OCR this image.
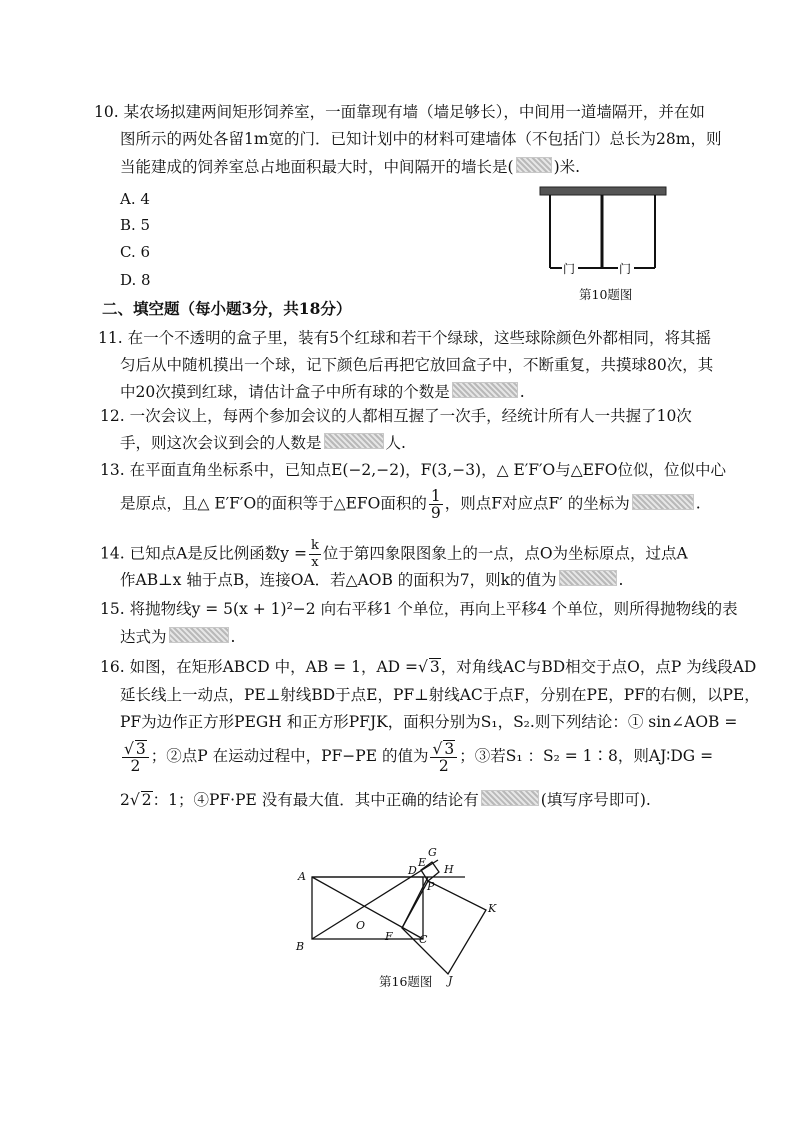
10. 某农场拟建两间矩形饲养室，一面靠现有墙（墙足够长），中间用一道墙隔开，并在如
图所示的两处各留1m宽的门．已知计划中的材料可建墙体（不包括门）总长为28m，则
当能建成的饲养室总占地面积最大时，中间隔开的墙长是(	)米.
A. 4
B. 5
C. 6
D. 8
门	门
第10题图
二、填空题（每小题3分，共18分）
11. 在一个不透明的盒子里，装有5个红球和若干个绿球，这些球除颜色外都相同，将其摇
匀后从中随机摸出一个球，记下颜色后再把它放回盒子中，不断重复，共摸球80次，其
中20次摸到红球，请估计盒子中所有球的个数是	.
12. 一次会议上，每两个参加会议的人都相互握了一次手，经统计所有人一共握了10次
手，则这次会议到会的人数是	人.
13. 在平面直角坐标系中，已知点E(−2,−2)，F(3,−3)，△ E′F′O与△EFO位似，位似中心
是原点，且△ E′F′O的面积等于△EFO面积的 $\frac{1}{9}$ ，则点F对应点F′ 的坐标为	.
14. 已知点A是反比例函数$y = \frac{k}{x}$ 位于第四象限图象上的一点，点O为坐标原点，过点A
作AB⊥x 轴于点B，连接OA．若△AOB 的面积为7，则k的值为	.
15. 将抛物线y = 5(x + 1)²−2 向右平移1 个单位，再向上平移4 个单位，则所得抛物线的表
达式为	.
16. 如图，在矩形ABCD 中，AB = 1，AD =√ 3，对角线AC与BD相交于点O，点P 为线段AD
延长线上一动点，PE⊥射线BD于点E，PF⊥射线AC于点F，分别在PE，PF的右侧，以PE，
PF为边作正方形PEGH 和正方形PFJK，面积分别为S₁，S₂.则下列结论：① sin∠AOB =
$\frac{√ 3}{2}$ ；②点P 在运动过程中，PF−PE 的值为 $\frac{√ 3}{2}$ ；③若S₁ ：S₂ = 1∶8，则AJ∶DG =
2√ 2：1；④PF·PE 没有最大值．其中正确的结论有	(填写序号即可).
A
B
C
D
O
F
P
E
G
H
K
J
第16题图
